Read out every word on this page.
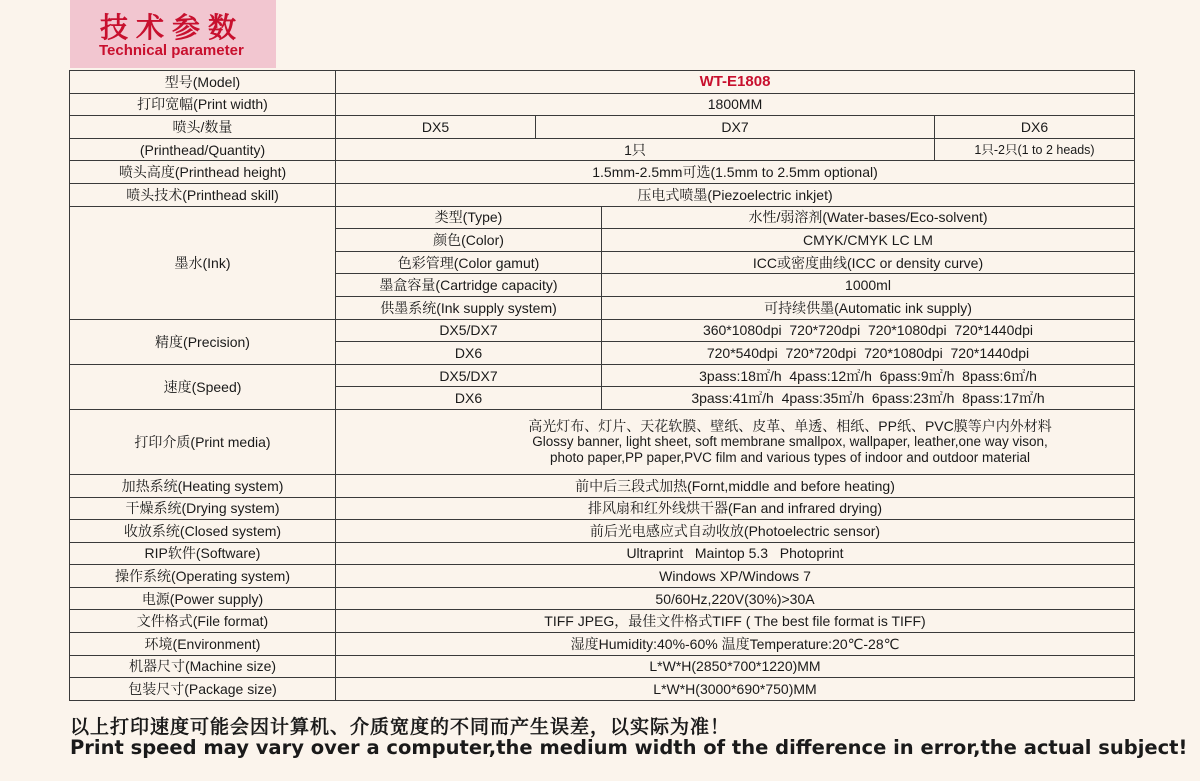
技术参数
Technical parameter
型号(Model)	WT-E1808			
打印宽幅(Print width)	1800MM			
喷头/数量	DX5	DX7		DX6
(Printhead/Quantity)	1只			1只-2只(1 to 2 heads)
喷头高度(Printhead height)	1.5mm-2.5mm可选(1.5mm to 2.5mm optional)			
喷头技术(Printhead skill)	压电式喷墨(Piezoelectric inkjet)			
墨水(Ink)	类型(Type)		水性/弱溶剂(Water-bases/Eco-solvent)	
	颜色(Color)		CMYK/CMYK LC LM	
	色彩管理(Color gamut)		ICC或密度曲线(ICC or density curve)	
	墨盒容量(Cartridge capacity)		1000ml	
	供墨系统(Ink supply system)		可持续供墨(Automatic ink supply)	
精度(Precision)	DX5/DX7		360*1080dpi  720*720dpi  720*1080dpi  720*1440dpi	
	DX6		720*540dpi  720*720dpi  720*1080dpi  720*1440dpi	
速度(Speed)	DX5/DX7		3pass:18㎡/h  4pass:12㎡/h  6pass:9㎡/h  8pass:6㎡/h	
	DX6		3pass:41㎡/h  4pass:35㎡/h  6pass:23㎡/h  8pass:17㎡/h	
打印介质(Print media)	高光灯布、灯片、天花软膜、壁纸、皮革、单透、相纸、PP纸、PVC膜等户内外材料
Glossy banner, light sheet, soft membrane smallpox, wallpaper, leather,one way vison,
photo paper,PP paper,PVC film and various types of indoor and outdoor material			

加热系统(Heating system)	前中后三段式加热(Fornt,middle and before heating)			
干燥系统(Drying system)	排风扇和红外线烘干器(Fan and infrared drying)			
收放系统(Closed system)	前后光电感应式自动收放(Photoelectric sensor)			
RIP软件(Software)	Ultraprint   Maintop 5.3   Photoprint			
操作系统(Operating system)	Windows XP/Windows 7			
电源(Power supply)	50/60Hz,220V(30%)>30A			
文件格式(File format)	TIFF JPEG，最佳文件格式TIFF ( The best file format is TIFF)			
环境(Environment)	湿度Humidity:40%-60% 温度Temperature:20℃-28℃			
机器尺寸(Machine size)	L*W*H(2850*700*1220)MM			
包装尺寸(Package size)	L*W*H(3000*690*750)MM			
以上打印速度可能会因计算机、介质宽度的不同而产生误差，以实际为准！
Print speed may vary over a computer,the medium width of the difference in error,the actual subject!
